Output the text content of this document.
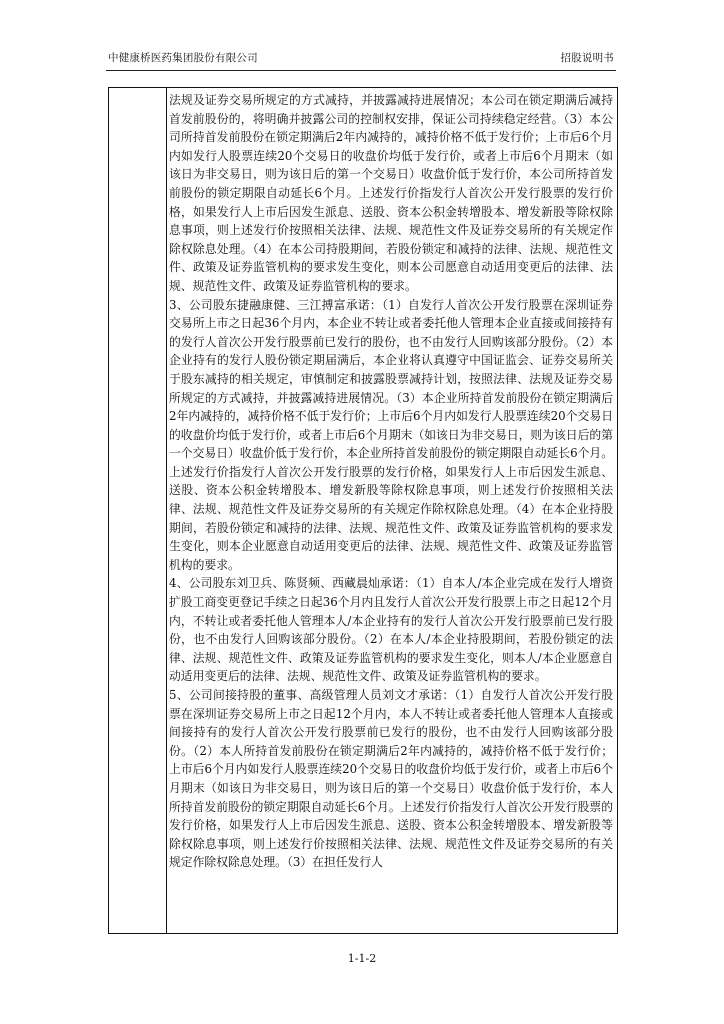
中健康桥医药集团股份有限公司	招股说明书

法规及证券交易所规定的方式减持，并披露减持进展情况；本公司在锁定期满后减持首发前股份的，将明确并披露公司的控制权安排，保证公司持续稳定经营。（3）本公司所持首发前股份在锁定期满后2年内减持的，减持价格不低于发行价；上市后6个月内如发行人股票连续20个交易日的收盘价均低于发行价，或者上市后6个月期末（如该日为非交易日，则为该日后的第一个交易日）收盘价低于发行价，本公司所持首发前股份的锁定期限自动延长6个月。上述发行价指发行人首次公开发行股票的发行价格，如果发行人上市后因发生派息、送股、资本公积金转增股本、增发新股等除权除息事项，则上述发行价按照相关法律、法规、规范性文件及证券交易所的有关规定作除权除息处理。（4）在本公司持股期间，若股份锁定和减持的法律、法规、规范性文件、政策及证券监管机构的要求发生变化，则本公司愿意自动适用变更后的法律、法规、规范性文件、政策及证券监管机构的要求。

3、公司股东捷融康健、三江搏富承诺：（1）自发行人首次公开发行股票在深圳证券交易所上市之日起36个月内，本企业不转让或者委托他人管理本企业直接或间接持有的发行人首次公开发行股票前已发行的股份，也不由发行人回购该部分股份。（2）本企业持有的发行人股份锁定期届满后，本企业将认真遵守中国证监会、证券交易所关于股东减持的相关规定，审慎制定和披露股票减持计划，按照法律、法规及证券交易所规定的方式减持，并披露减持进展情况。（3）本企业所持首发前股份在锁定期满后2年内减持的，减持价格不低于发行价；上市后6个月内如发行人股票连续20个交易日的收盘价均低于发行价，或者上市后6个月期末（如该日为非交易日，则为该日后的第一个交易日）收盘价低于发行价，本企业所持首发前股份的锁定期限自动延长6个月。上述发行价指发行人首次公开发行股票的发行价格，如果发行人上市后因发生派息、送股、资本公积金转增股本、增发新股等除权除息事项，则上述发行价按照相关法律、法规、规范性文件及证券交易所的有关规定作除权除息处理。（4）在本企业持股期间，若股份锁定和减持的法律、法规、规范性文件、政策及证券监管机构的要求发生变化，则本企业愿意自动适用变更后的法律、法规、规范性文件、政策及证券监管机构的要求。

4、公司股东刘卫兵、陈贤频、西藏晨灿承诺：（1）自本人/本企业完成在发行人增资扩股工商变更登记手续之日起36个月内且发行人首次公开发行股票上市之日起12个月内，不转让或者委托他人管理本人/本企业持有的发行人首次公开发行股票前已发行股份，也不由发行人回购该部分股份。（2）在本人/本企业持股期间，若股份锁定的法律、法规、规范性文件、政策及证券监管机构的要求发生变化，则本人/本企业愿意自动适用变更后的法律、法规、规范性文件、政策及证券监管机构的要求。

5、公司间接持股的董事、高级管理人员刘文才承诺：（1）自发行人首次公开发行股票在深圳证券交易所上市之日起12个月内，本人不转让或者委托他人管理本人直接或间接持有的发行人首次公开发行股票前已发行的股份，也不由发行人回购该部分股份。（2）本人所持首发前股份在锁定期满后2年内减持的，减持价格不低于发行价；上市后6个月内如发行人股票连续20个交易日的收盘价均低于发行价，或者上市后6个月期末（如该日为非交易日，则为该日后的第一个交易日）收盘价低于发行价，本人所持首发前股份的锁定期限自动延长6个月。上述发行价指发行人首次公开发行股票的发行价格，如果发行人上市后因发生派息、送股、资本公积金转增股本、增发新股等除权除息事项，则上述发行价按照相关法律、法规、规范性文件及证券交易所的有关规定作除权除息处理。（3）在担任发行人

1-1-2
